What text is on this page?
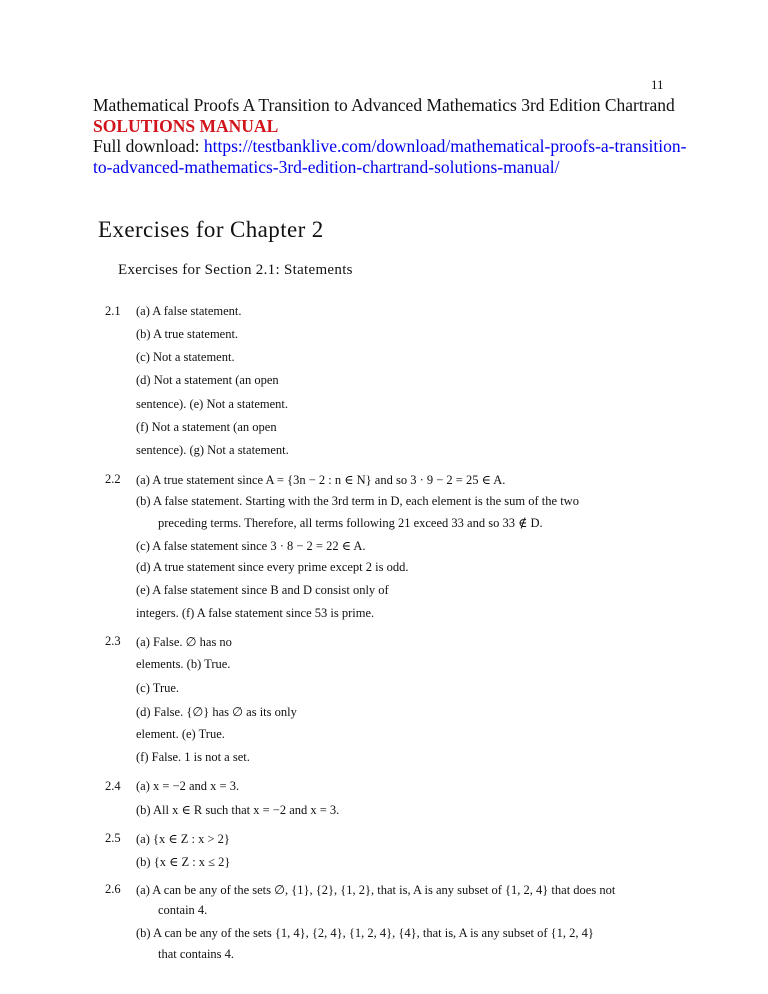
11
Mathematical Proofs A Transition to Advanced Mathematics 3rd Edition Chartrand SOLUTIONS MANUAL
Full download: https://testbanklive.com/download/mathematical-proofs-a-transition-to-advanced-mathematics-3rd-edition-chartrand-solutions-manual/
Exercises for Chapter 2
Exercises for Section 2.1: Statements
2.1 (a) A false statement.
(b) A true statement.
(c) Not a statement.
(d) Not a statement (an open
sentence). (e) Not a statement.
(f) Not a statement (an open
sentence). (g) Not a statement.
2.2 (a) A true statement since A = {3n − 2 : n ∈ N} and so 3 · 9 − 2 = 25 ∈ A.
(b) A false statement. Starting with the 3rd term in D, each element is the sum of the two
preceding terms. Therefore, all terms following 21 exceed 33 and so 33 ∉ D.
(c) A false statement since 3 · 8 − 2 = 22 ∈ A.
(d) A true statement since every prime except 2 is odd.
(e) A false statement since B and D consist only of
integers. (f) A false statement since 53 is prime.
2.3 (a) False. ∅ has no
elements. (b) True.
(c) True.
(d) False. {∅} has ∅ as its only
element. (e) True.
(f) False. 1 is not a set.
2.4 (a) x = −2 and x = 3.
(b) All x ∈ R such that x = −2 and x = 3.
2.5 (a) {x ∈ Z : x > 2}
(b) {x ∈ Z : x ≤ 2}
2.6 (a) A can be any of the sets ∅, {1}, {2}, {1, 2}, that is, A is any subset of {1, 2, 4} that does not
contain 4.
(b) A can be any of the sets {1, 4}, {2, 4}, {1, 2, 4}, {4}, that is, A is any subset of {1, 2, 4}
that contains 4.
